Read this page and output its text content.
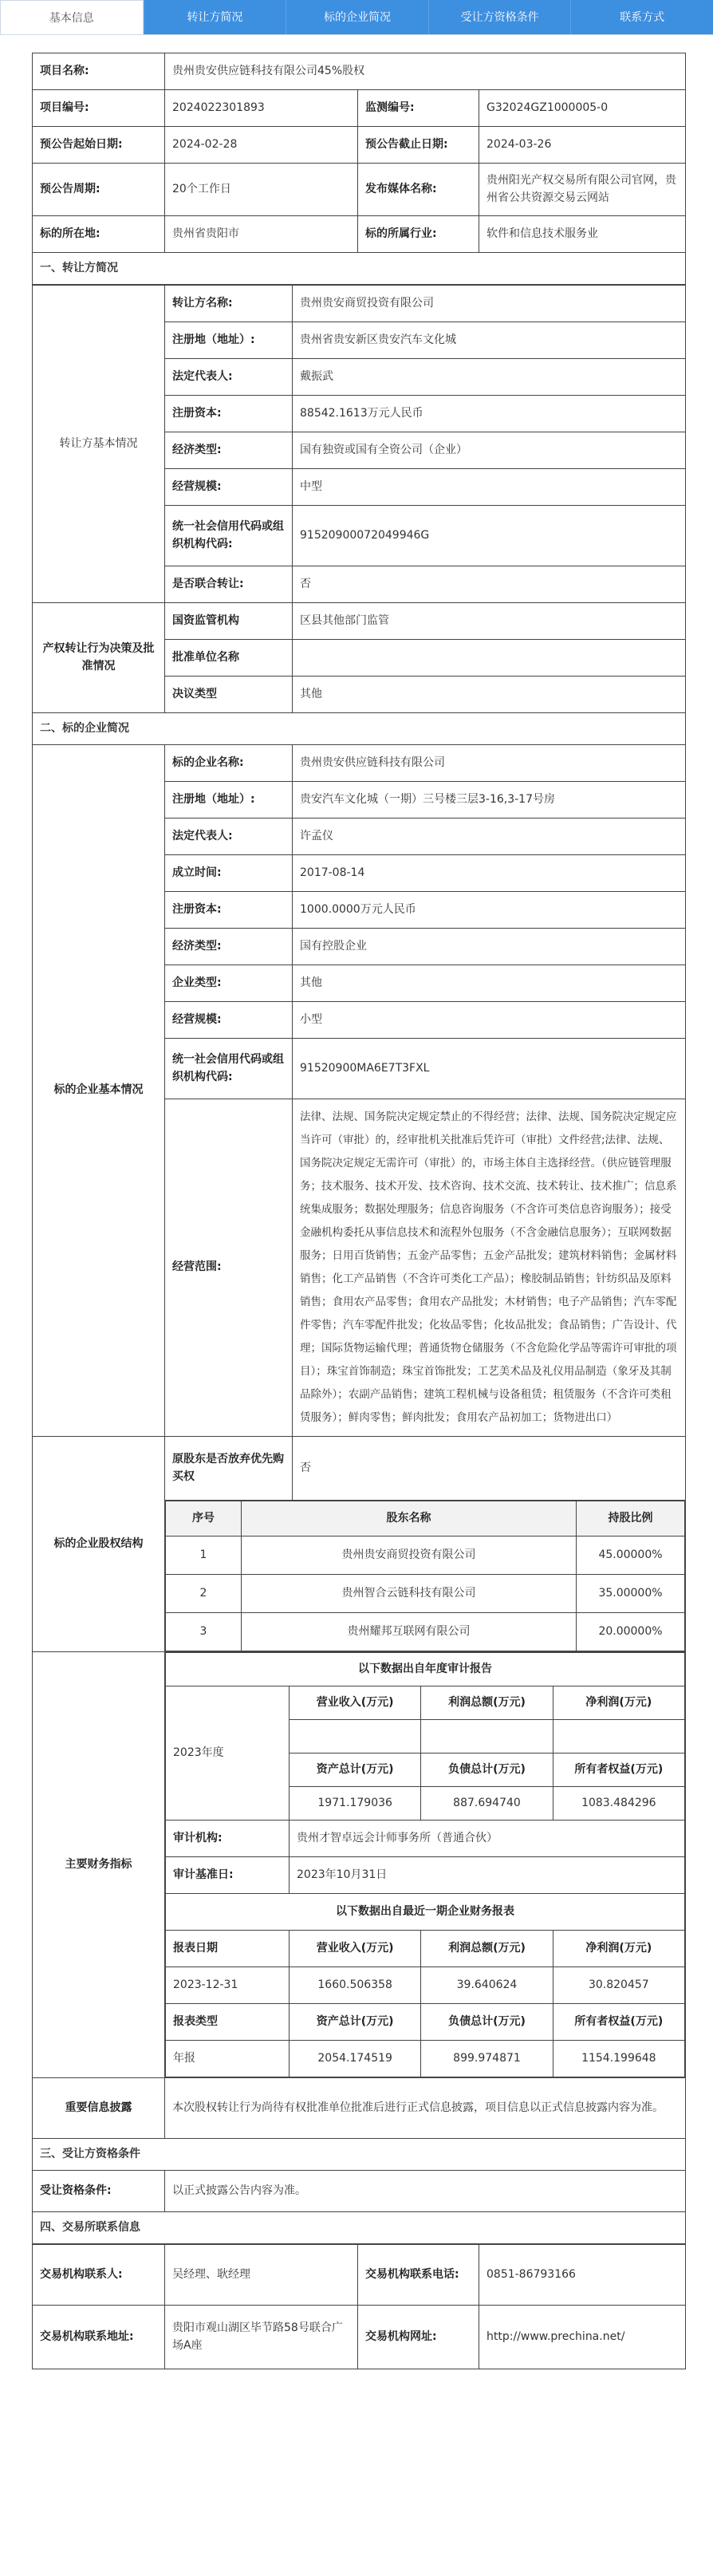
基本信息	转让方简况	标的企业简况	受让方资格条件	联系方式
项目名称:	贵州贵安供应链科技有限公司45%股权		
项目编号:	2024022301893	监测编号:	G32024GZ1000005-0
预公告起始日期:	2024-02-28	预公告截止日期:	2024-03-26
预公告周期:	20个工作日	发布媒体名称:	贵州阳光产权交易所有限公司官网，贵州省公共资源交易云网站
标的所在地:	贵州省贵阳市	标的所属行业:	软件和信息技术服务业
一、转让方简况			
转让方基本情况	转让方名称:	贵州贵安商贸投资有限公司
注册地（地址）:	贵州省贵安新区贵安汽车文化城
法定代表人:	戴振武
注册资本:	88542.1613万元人民币
经济类型:	国有独资或国有全资公司（企业）
经营规模:	中型
统一社会信用代码或组织机构代码:	91520900072049946G
是否联合转让:	否
产权转让行为决策及批准情况	国资监管机构	区县其他部门监管
批准单位名称	
决议类型	其他
二、标的企业简况
标的企业基本情况	标的企业名称:	贵州贵安供应链科技有限公司
注册地（地址）:	贵安汽车文化城（一期）三号楼三层3-16,3-17号房
法定代表人:	许孟仪
成立时间:	2017-08-14
注册资本:	1000.0000万元人民币
经济类型:	国有控股企业
企业类型:	其他
经营规模:	小型
统一社会信用代码或组织机构代码:	91520900MA6E7T3FXL
经营范围:	法律、法规、国务院决定规定禁止的不得经营；法律、法规、国务院决定规定应当许可（审批）的，经审批机关批准后凭许可（审批）文件经营;法律、法规、国务院决定规定无需许可（审批）的，市场主体自主选择经营。（供应链管理服务；技术服务、技术开发、技术咨询、技术交流、技术转让、技术推广；信息系统集成服务；数据处理服务；信息咨询服务（不含许可类信息咨询服务）；接受金融机构委托从事信息技术和流程外包服务（不含金融信息服务）；互联网数据服务；日用百货销售；五金产品零售；五金产品批发；建筑材料销售；金属材料销售；化工产品销售（不含许可类化工产品）；橡胶制品销售；针纺织品及原料销售；食用农产品零售；食用农产品批发；木材销售；电子产品销售；汽车零配件零售；汽车零配件批发；化妆品零售；化妆品批发；食品销售；广告设计、代理；国际货物运输代理；普通货物仓储服务（不含危险化学品等需许可审批的项目）；珠宝首饰制造；珠宝首饰批发；工艺美术品及礼仪用品制造（象牙及其制品除外）；农副产品销售；建筑工程机械与设备租赁；租赁服务（不含许可类租赁服务）；鲜肉零售；鲜肉批发；食用农产品初加工；货物进出口）
标的企业股权结构	原股东是否放弃优先购买权	否

序号	股东名称	持股比例
1	贵州贵安商贸投资有限公司	45.00000%
2	贵州智合云链科技有限公司	35.00000%
3	贵州耀邦互联网有限公司	20.00000%

主要财务指标	
以下数据出自年度审计报告
2023年度	营业收入(万元)	利润总额(万元)	净利润(万元)

资产总计(万元)	负债总计(万元)	所有者权益(万元)
1971.179036	887.694740	1083.484296
审计机构:	贵州才智卓远会计师事务所（普通合伙）
审计基准日:	2023年10月31日
以下数据出自最近一期企业财务报表
报表日期	营业收入(万元)	利润总额(万元)	净利润(万元)
2023-12-31	1660.506358	39.640624	30.820457
报表类型	资产总计(万元)	负债总计(万元)	所有者权益(万元)
年报	2054.174519	899.974871	1154.199648

重要信息披露	本次股权转让行为尚待有权批准单位批准后进行正式信息披露，项目信息以正式信息披露内容为准。
三、受让方资格条件
受让资格条件:	以正式披露公告内容为准。
四、交易所联系信息
交易机构联系人:	吴经理、耿经理	交易机构联系电话:	0851-86793166
交易机构联系地址:	贵阳市观山湖区毕节路58号联合广场A座	交易机构网址:	http://www.prechina.net/
